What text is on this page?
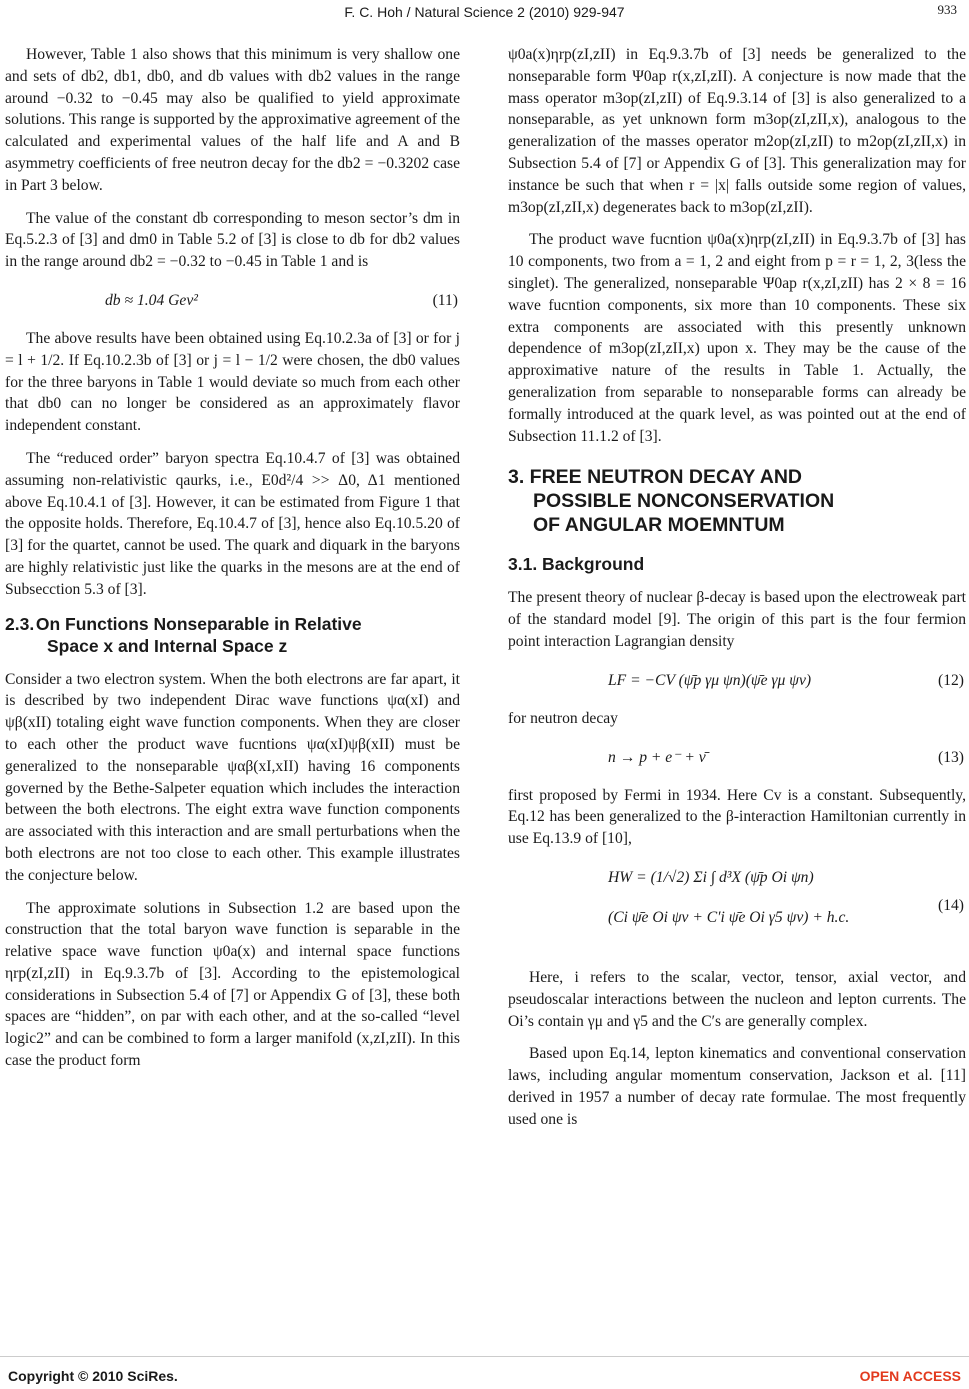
F. C. Hoh / Natural Science 2 (2010) 929-947	933

However, Table 1 also shows that this minimum is very shallow one and sets of db2, db1, db0, and db values with db2 values in the range around −0.32 to −0.45 may also be qualified to yield approximate solutions. This range is supported by the approximative agreement of the calculated and experimental values of the half life and A and B asymmetry coefficients of free neutron decay for the db2 = −0.3202 case in Part 3 below.

The value of the constant db corresponding to meson sector’s dm in Eq.5.2.3 of [3] and dm0 in Table 5.2 of [3] is close to db for db2 values in the range around db2 = −0.32 to −0.45 in Table 1 and is

db ≈ 1.04 Gev²	(11)

The above results have been obtained using Eq.10.2.3a of [3] or for j = l + 1/2. If Eq.10.2.3b of [3] or j = l − 1/2 were chosen, the db0 values for the three baryons in Table 1 would deviate so much from each other that db0 can no longer be considered as an approximately flavor independent constant.

The “reduced order” baryon spectra Eq.10.4.7 of [3] was obtained assuming non-relativistic qaurks, i.e., E0d²/4 >> Δ0, Δ1 mentioned above Eq.10.4.1 of [3]. However, it can be estimated from Figure 1 that the opposite holds. Therefore, Eq.10.4.7 of [3], hence also Eq.10.5.20 of [3] for the quartet, cannot be used. The quark and diquark in the baryons are highly relativistic just like the quarks in the mesons are at the end of Subsecction 5.3 of [3].

2.3. On Functions Nonseparable in Relative
Space x and Internal Space z

Consider a two electron system. When the both electrons are far apart, it is described by two independent Dirac wave functions ψα(xI) and ψβ(xII) totaling eight wave function components. When they are closer to each other the product wave fucntions ψα(xI)ψβ(xII) must be generalized to the nonseparable ψαβ(xI,xII) having 16 components governed by the Bethe-Salpeter equation which includes the interaction between the both electrons. The eight extra wave function components are associated with this interaction and are small perturbations when the both electrons are not too close to each other. This example illustrates the conjecture below.

The approximate solutions in Subsection 1.2 are based upon the construction that the total baryon wave function is separable in the relative space wave function ψ0a(x) and internal space functions ηrp(zI,zII) in Eq.9.3.7b of [3]. According to the epistemological considerations in Subsection 5.4 of [7] or Appendix G of [3], these both spaces are “hidden”, on par with each other, and at the so-called “level logic2” and can be combined to form a larger manifold (x,zI,zII). In this case the product form

ψ0a(x)ηrp(zI,zII) in Eq.9.3.7b of [3] needs be generalized to the nonseparable form Ψ0ap r(x,zI,zII). A conjecture is now made that the mass operator m3op(zI,zII) of Eq.9.3.14 of [3] is also generalized to a nonseparable, as yet unknown form m3op(zI,zII,x), analogous to the generalization of the masses operator m2op(zI,zII) to m2op(zI,zII,x) in Subsection 5.4 of [7] or Appendix G of [3]. This generalization may for instance be such that when r = |x| falls outside some region of values, m3op(zI,zII,x) degenerates back to m3op(zI,zII).

The product wave fucntion ψ0a(x)ηrp(zI,zII) in Eq.9.3.7b of [3] has 10 components, two from a = 1, 2 and eight from p = r = 1, 2, 3(less the singlet). The generalized, nonseparable Ψ0ap r(x,zI,zII) has 2 × 8 = 16 wave fucntion components, six more than 10 components. These six extra components are associated with this presently unknown dependence of m3op(zI,zII,x) upon x. They may be the cause of the approximative nature of the results in Table 1. Actually, the generalization from separable to nonseparable forms can already be formally introduced at the quark level, as was pointed out at the end of Subsection 11.1.2 of [3].

3. FREE NEUTRON DECAY AND
POSSIBLE NONCONSERVATION
OF ANGULAR MOEMNTUM
3.1. Background

The present theory of nuclear β-decay is based upon the electroweak part of the standard model [9]. The origin of this part is the four fermion point interaction Lagrangian density

LF = −CV (ψ̄p γμ ψn)(ψ̄e γμ ψν)	(12)

for neutron decay

n → p + e⁻ + ν̄	(13)

first proposed by Fermi in 1934. Here Cv is a constant. Subsequently, Eq.12 has been generalized to the β-interaction Hamiltonian currently in use Eq.13.9 of [10],

HW = (1/√2) Σi ∫ d³X (ψ̄p Oi ψn)
(Ci ψ̄e Oi ψν + C′i ψ̄e Oi γ5 ψν) + h.c.
(14)

Here, i refers to the scalar, vector, tensor, axial vector, and pseudoscalar interactions between the nucleon and lepton currents. The Oi’s contain γμ and γ5 and the C′s are generally complex.

Based upon Eq.14, lepton kinematics and conventional conservation laws, including angular momentum conservation, Jackson et al. [11] derived in 1957 a number of decay rate formulae. The most frequently used one is

Copyright © 2010 SciRes.	OPEN ACCESS
